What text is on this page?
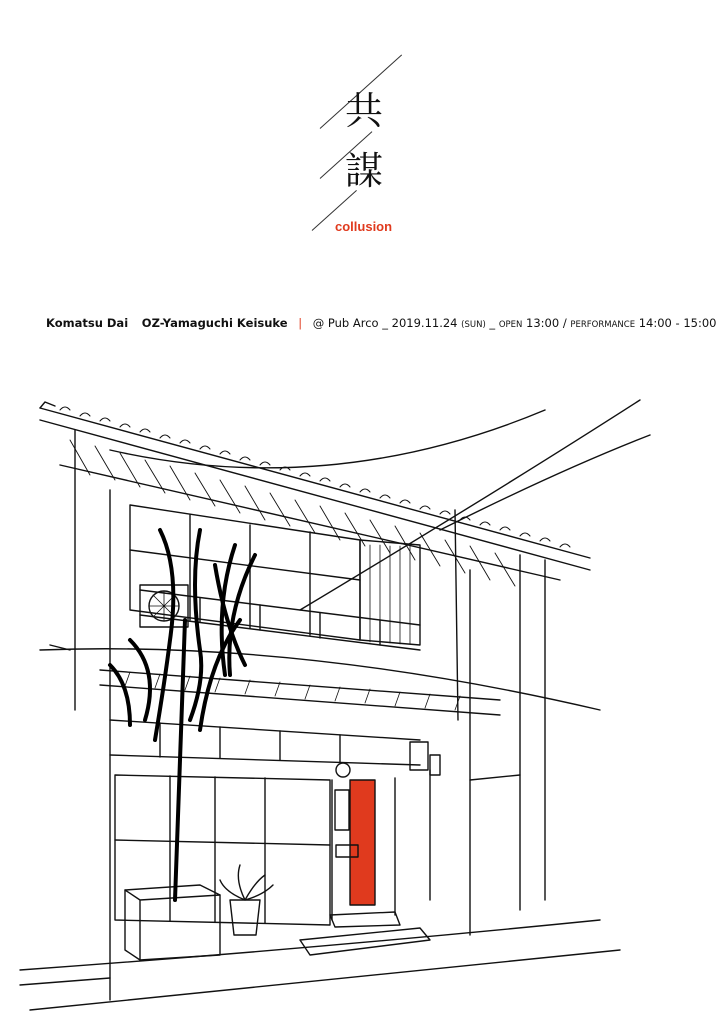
共
謀
collusion
Komatsu Dai OZ-Yamaguchi Keisuke | @ Pub Arco _ 2019.11.24 (SUN) _ OPEN 13:00 / PERFORMANCE 14:00 - 15:00
